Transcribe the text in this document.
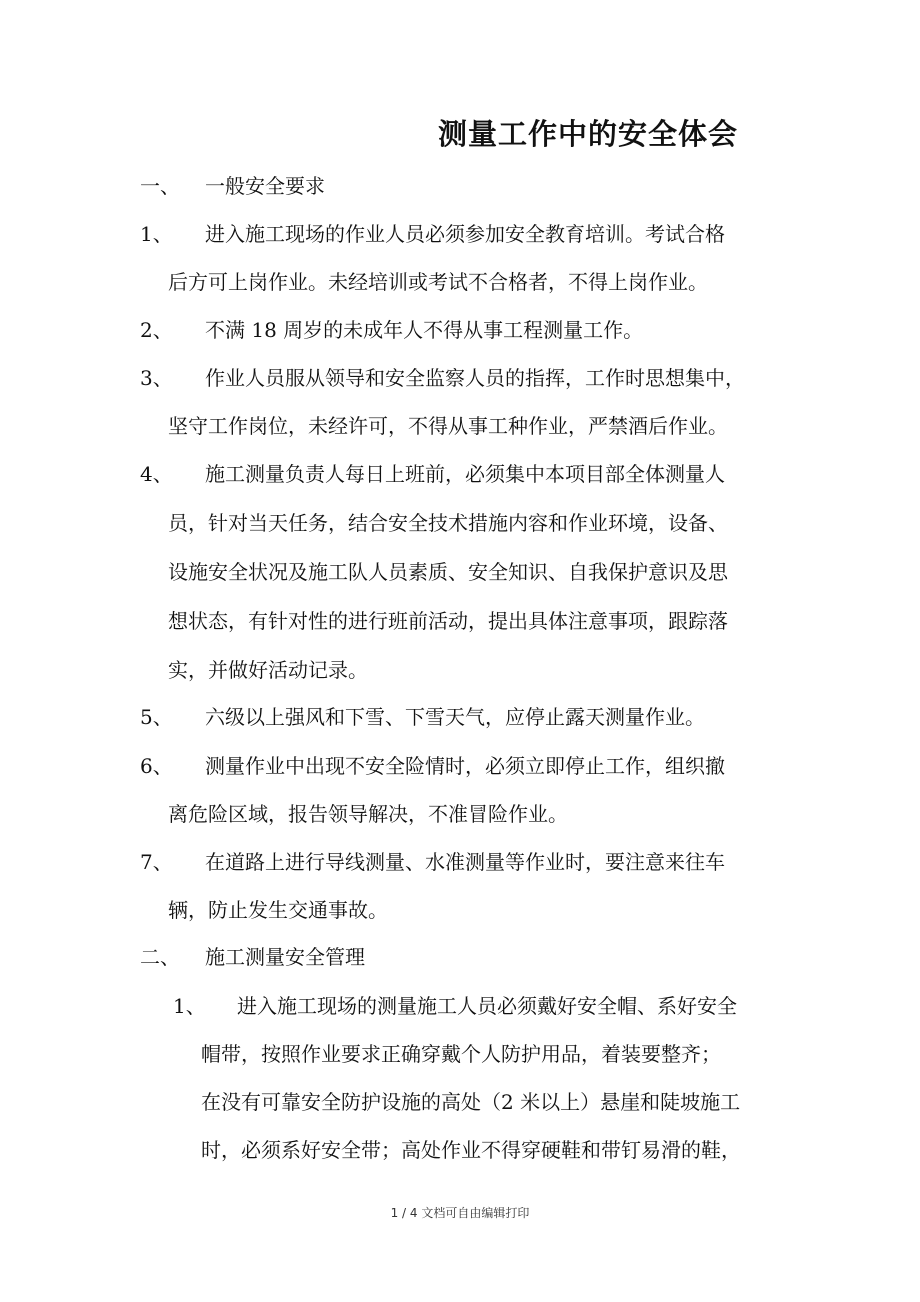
测量工作中的安全体会
一、 一般安全要求
1、 进入施工现场的作业人员必须参加安全教育培训。考试合格
后方可上岗作业。未经培训或考试不合格者，不得上岗作业。
2、 不满 18 周岁的未成年人不得从事工程测量工作。
3、 作业人员服从领导和安全监察人员的指挥，工作时思想集中，
坚守工作岗位，未经许可，不得从事工种作业，严禁酒后作业。
4、 施工测量负责人每日上班前，必须集中本项目部全体测量人
员，针对当天任务，结合安全技术措施内容和作业环境，设备、
设施安全状况及施工队人员素质、安全知识、自我保护意识及思
想状态，有针对性的进行班前活动，提出具体注意事项，跟踪落
实，并做好活动记录。
5、 六级以上强风和下雪、下雪天气，应停止露天测量作业。
6、 测量作业中出现不安全险情时，必须立即停止工作，组织撤
离危险区域，报告领导解决，不准冒险作业。
7、 在道路上进行导线测量、水准测量等作业时，要注意来往车
辆，防止发生交通事故。
二、 施工测量安全管理
1、 进入施工现场的测量施工人员必须戴好安全帽、系好安全
帽带，按照作业要求正确穿戴个人防护用品，着装要整齐；
在没有可靠安全防护设施的高处（2 米以上）悬崖和陡坡施工
时，必须系好安全带；高处作业不得穿硬鞋和带钉易滑的鞋，
1 / 4 文档可自由编辑打印
